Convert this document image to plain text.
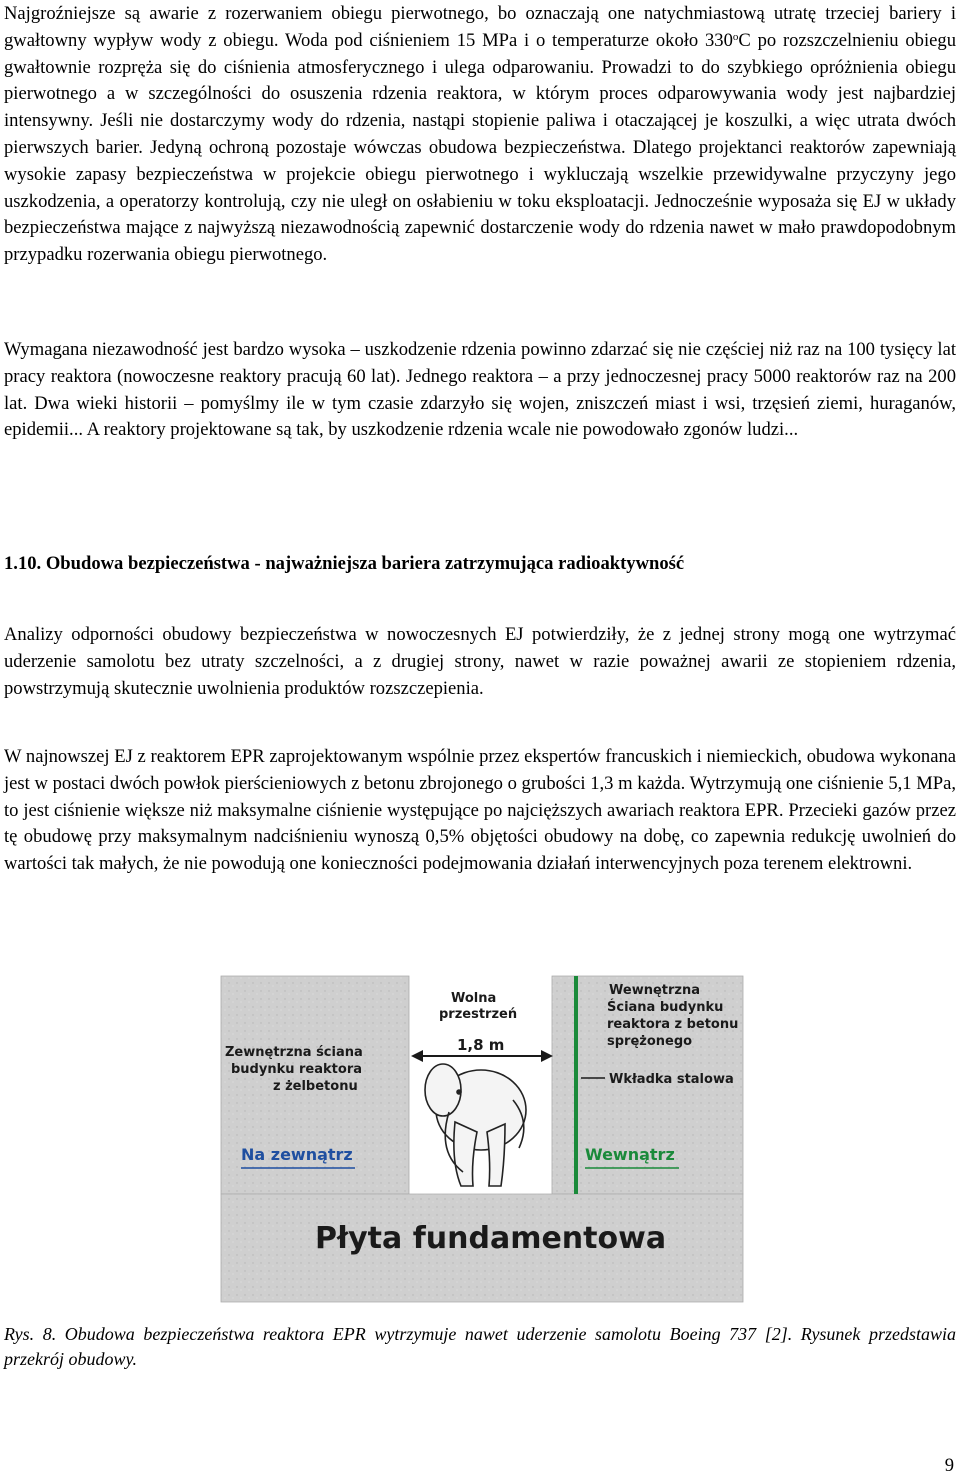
Najgroźniejsze są awarie z rozerwaniem obiegu pierwotnego, bo oznaczają one natychmiastową utratę trzeciej bariery i gwałtowny wypływ wody z obiegu. Woda pod ciśnieniem 15 MPa i o temperaturze około 330$^o$C po rozszczelnieniu obiegu gwałtownie rozpręża się do ciśnienia atmosferycznego i ulega odparowaniu. Prowadzi to do szybkiego opróżnienia obiegu pierwotnego a w szczególności do osuszenia rdzenia reaktora, w którym proces odparowywania wody jest najbardziej intensywny. Jeśli nie dostarczymy wody do rdzenia, nastąpi stopienie paliwa i otaczającej je koszulki, a więc utrata dwóch pierwszych barier. Jedyną ochroną pozostaje wówczas obudowa bezpieczeństwa. Dlatego projektanci reaktorów zapewniają wysokie zapasy bezpieczeństwa w projekcie obiegu pierwotnego i wykluczają wszelkie przewidywalne przyczyny jego uszkodzenia, a operatorzy kontrolują, czy nie uległ on osłabieniu w toku eksploatacji. Jednocześnie wyposaża się EJ w układy bezpieczeństwa mające z najwyższą niezawodnością zapewnić dostarczenie wody do rdzenia nawet w mało prawdopodobnym przypadku rozerwania obiegu pierwotnego.

Wymagana niezawodność jest bardzo wysoka – uszkodzenie rdzenia powinno zdarzać się nie częściej niż raz na 100 tysięcy lat pracy reaktora (nowoczesne reaktory pracują 60 lat). Jednego reaktora – a przy jednoczesnej pracy 5000 reaktorów raz na 200 lat. Dwa wieki historii – pomyślmy ile w tym czasie zdarzyło się wojen, zniszczeń miast i wsi, trzęsień ziemi, huraganów, epidemii... A reaktory projektowane są tak, by uszkodzenie rdzenia wcale nie powodowało zgonów ludzi...

1.10. Obudowa bezpieczeństwa - najważniejsza bariera zatrzymująca radioaktywność

Analizy odporności obudowy bezpieczeństwa w nowoczesnych EJ potwierdziły, że z jednej strony mogą one wytrzymać uderzenie samolotu bez utraty szczelności, a z drugiej strony, nawet w razie poważnej awarii ze stopieniem rdzenia, powstrzymują skutecznie uwolnienia produktów rozszczepienia.

W najnowszej EJ z reaktorem EPR zaprojektowanym wspólnie przez ekspertów francuskich i niemieckich, obudowa wykonana jest w postaci dwóch powłok pierścieniowych z betonu zbrojonego o grubości 1,3 m każda. Wytrzymują one ciśnienie 5,1 MPa, to jest ciśnienie większe niż maksymalne ciśnienie występujące po najcięższych awariach reaktora EPR. Przecieki gazów przez tę obudowę przy maksymalnym nadciśnieniu wynoszą 0,5% objętości obudowy na dobę, co zapewnia redukcję uwolnień do wartości tak małych, że nie powodują one konieczności podejmowania działań interwencyjnych poza terenem elektrowni.

Wolna
przestrzeń
1,8 m
Zewnętrzna ściana
budynku reaktora
z żelbetonu
Wewnętrzna
Ściana budynku
reaktora z betonu
sprężonego
Wkładka stalowa
Na zewnątrz	Wewnątrz
Płyta fundamentowa

Rys. 8. Obudowa bezpieczeństwa reaktora EPR wytrzymuje nawet uderzenie samolotu Boeing 737 [2]. Rysunek przedstawia przekrój obudowy.

9
